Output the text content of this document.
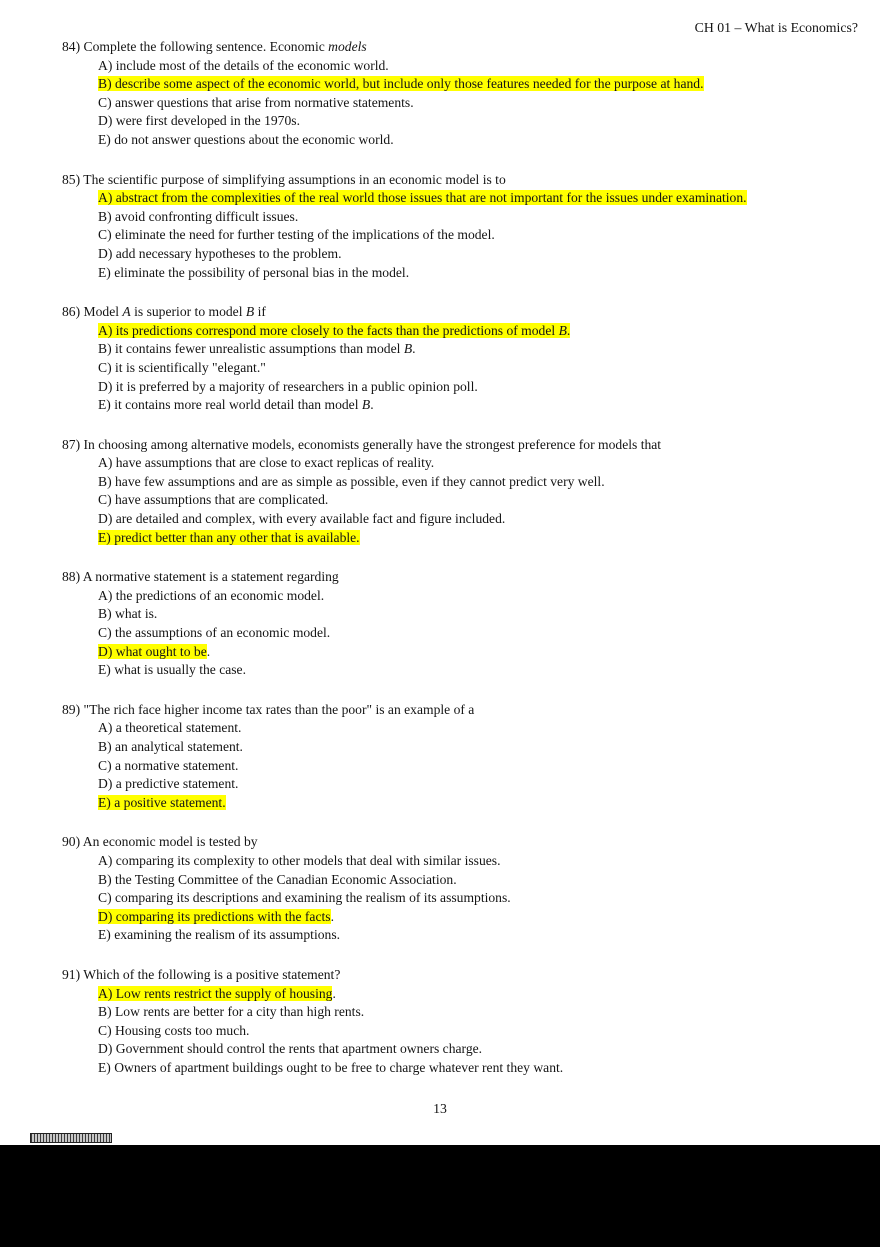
CH 01 – What is Economics?
84) Complete the following sentence. Economic models
A) include most of the details of the economic world.
B) describe some aspect of the economic world, but include only those features needed for the purpose at hand.
C) answer questions that arise from normative statements.
D) were first developed in the 1970s.
E) do not answer questions about the economic world.
85) The scientific purpose of simplifying assumptions in an economic model is to
A) abstract from the complexities of the real world those issues that are not important for the issues under examination.
B) avoid confronting difficult issues.
C) eliminate the need for further testing of the implications of the model.
D) add necessary hypotheses to the problem.
E) eliminate the possibility of personal bias in the model.
86) Model A is superior to model B if
A) its predictions correspond more closely to the facts than the predictions of model B.
B) it contains fewer unrealistic assumptions than model B.
C) it is scientifically "elegant."
D) it is preferred by a majority of researchers in a public opinion poll.
E) it contains more real world detail than model B.
87) In choosing among alternative models, economists generally have the strongest preference for models that
A) have assumptions that are close to exact replicas of reality.
B) have few assumptions and are as simple as possible, even if they cannot predict very well.
C) have assumptions that are complicated.
D) are detailed and complex, with every available fact and figure included.
E) predict better than any other that is available.
88) A normative statement is a statement regarding
A) the predictions of an economic model.
B) what is.
C) the assumptions of an economic model.
D) what ought to be.
E) what is usually the case.
89) "The rich face higher income tax rates than the poor" is an example of a
A) a theoretical statement.
B) an analytical statement.
C) a normative statement.
D) a predictive statement.
E) a positive statement.
90) An economic model is tested by
A) comparing its complexity to other models that deal with similar issues.
B) the Testing Committee of the Canadian Economic Association.
C) comparing its descriptions and examining the realism of its assumptions.
D) comparing its predictions with the facts.
E) examining the realism of its assumptions.
91) Which of the following is a positive statement?
A) Low rents restrict the supply of housing.
B) Low rents are better for a city than high rents.
C) Housing costs too much.
D) Government should control the rents that apartment owners charge.
E) Owners of apartment buildings ought to be free to charge whatever rent they want.
13
